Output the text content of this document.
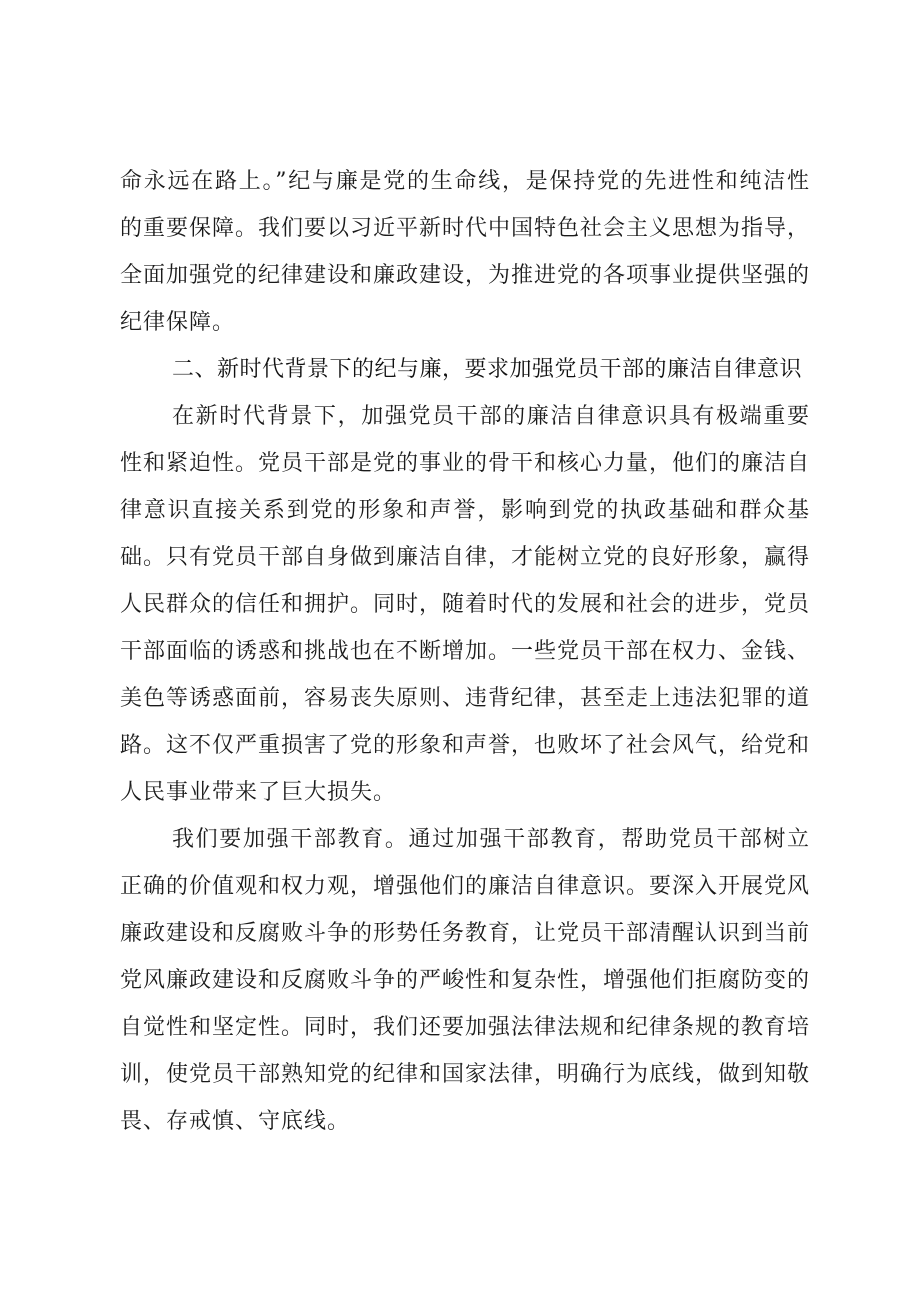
命永远在路上。”纪与廉是党的生命线，是保持党的先进性和纯洁性的重要保障。我们要以习近平新时代中国特色社会主义思想为指导，全面加强党的纪律建设和廉政建设，为推进党的各项事业提供坚强的纪律保障。

二、新时代背景下的纪与廉，要求加强党员干部的廉洁自律意识

在新时代背景下，加强党员干部的廉洁自律意识具有极端重要性和紧迫性。党员干部是党的事业的骨干和核心力量，他们的廉洁自律意识直接关系到党的形象和声誉，影响到党的执政基础和群众基础。只有党员干部自身做到廉洁自律，才能树立党的良好形象，赢得人民群众的信任和拥护。同时，随着时代的发展和社会的进步，党员干部面临的诱惑和挑战也在不断增加。一些党员干部在权力、金钱、美色等诱惑面前，容易丧失原则、违背纪律，甚至走上违法犯罪的道路。这不仅严重损害了党的形象和声誉，也败坏了社会风气，给党和人民事业带来了巨大损失。

我们要加强干部教育。通过加强干部教育，帮助党员干部树立正确的价值观和权力观，增强他们的廉洁自律意识。要深入开展党风廉政建设和反腐败斗争的形势任务教育，让党员干部清醒认识到当前党风廉政建设和反腐败斗争的严峻性和复杂性，增强他们拒腐防变的自觉性和坚定性。同时，我们还要加强法律法规和纪律条规的教育培训，使党员干部熟知党的纪律和国家法律，明确行为底线，做到知敬畏、存戒慎、守底线。
